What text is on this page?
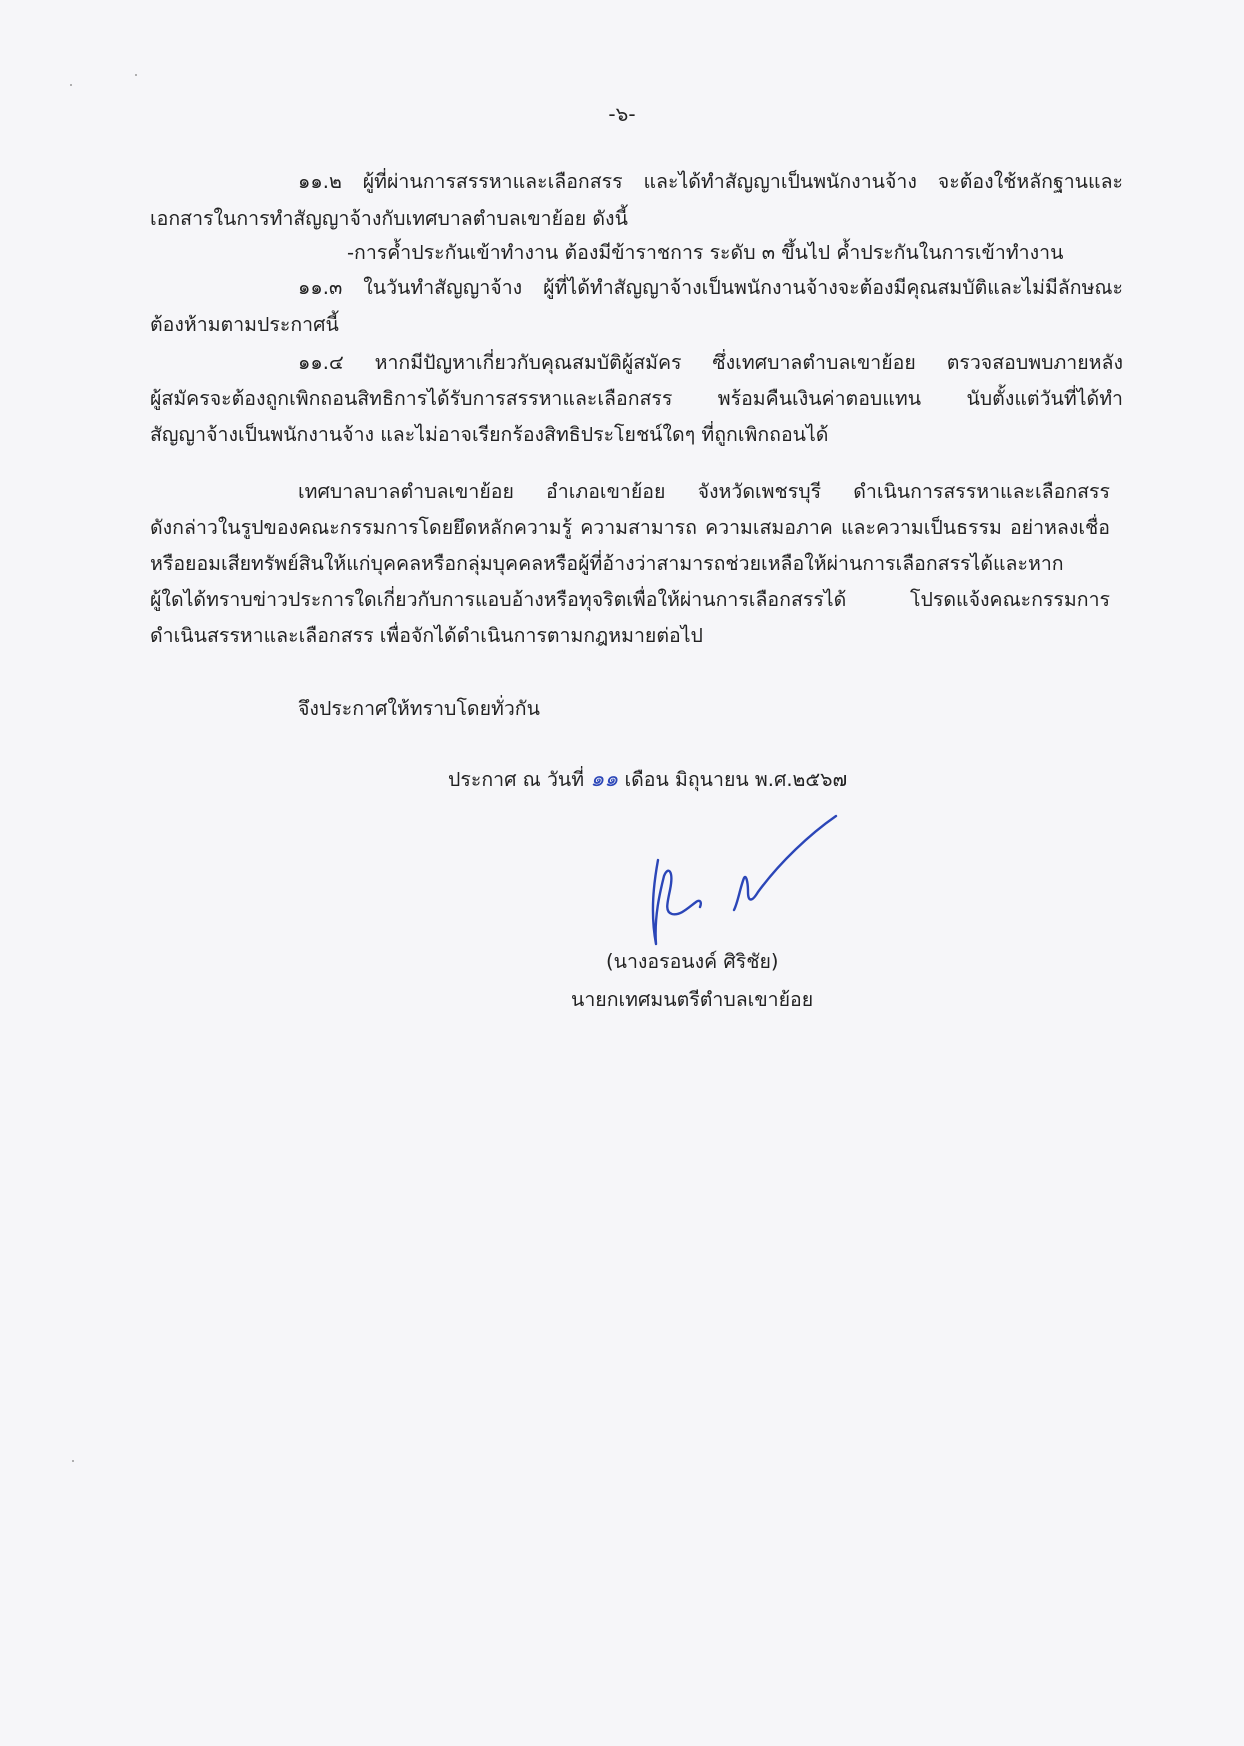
-๖-
๑๑.๒ ผู้ที่ผ่านการสรรหาและเลือกสรร และได้ทำสัญญาเป็นพนักงานจ้าง จะต้องใช้หลักฐานและ
เอกสารในการทำสัญญาจ้างกับเทศบาลตำบลเขาย้อย ดังนี้
-การค้ำประกันเข้าทำงาน ต้องมีข้าราชการ ระดับ ๓ ขึ้นไป ค้ำประกันในการเข้าทำงาน
๑๑.๓ ในวันทำสัญญาจ้าง ผู้ที่ได้ทำสัญญาจ้างเป็นพนักงานจ้างจะต้องมีคุณสมบัติและไม่มีลักษณะ
ต้องห้ามตามประกาศนี้
๑๑.๔ หากมีปัญหาเกี่ยวกับคุณสมบัติผู้สมัคร ซึ่งเทศบาลตำบลเขาย้อย ตรวจสอบพบภายหลัง
ผู้สมัครจะต้องถูกเพิกถอนสิทธิการได้รับการสรรหาและเลือกสรร พร้อมคืนเงินค่าตอบแทน นับตั้งแต่วันที่ได้ทำ
สัญญาจ้างเป็นพนักงานจ้าง และไม่อาจเรียกร้องสิทธิประโยชน์ใดๆ ที่ถูกเพิกถอนได้
เทศบาลบาลตำบลเขาย้อย อำเภอเขาย้อย จังหวัดเพชรบุรี ดำเนินการสรรหาและเลือกสรร
ดังกล่าวในรูปของคณะกรรมการโดยยึดหลักความรู้ ความสามารถ ความเสมอภาค และความเป็นธรรม อย่าหลงเชื่อ
หรือยอมเสียทรัพย์สินให้แก่บุคคลหรือกลุ่มบุคคลหรือผู้ที่อ้างว่าสามารถช่วยเหลือให้ผ่านการเลือกสรรได้และหาก
ผู้ใดได้ทราบข่าวประการใดเกี่ยวกับการแอบอ้างหรือทุจริตเพื่อให้ผ่านการเลือกสรรได้ โปรดแจ้งคณะกรรมการ
ดำเนินสรรหาและเลือกสรร เพื่อจักได้ดำเนินการตามกฎหมายต่อไป
จึงประกาศให้ทราบโดยทั่วกัน
ประกาศ ณ วันที่ ๑๑ เดือน มิถุนายน พ.ศ.๒๕๖๗
(นางอรอนงค์ ศิริชัย)
นายกเทศมนตรีตำบลเขาย้อย
